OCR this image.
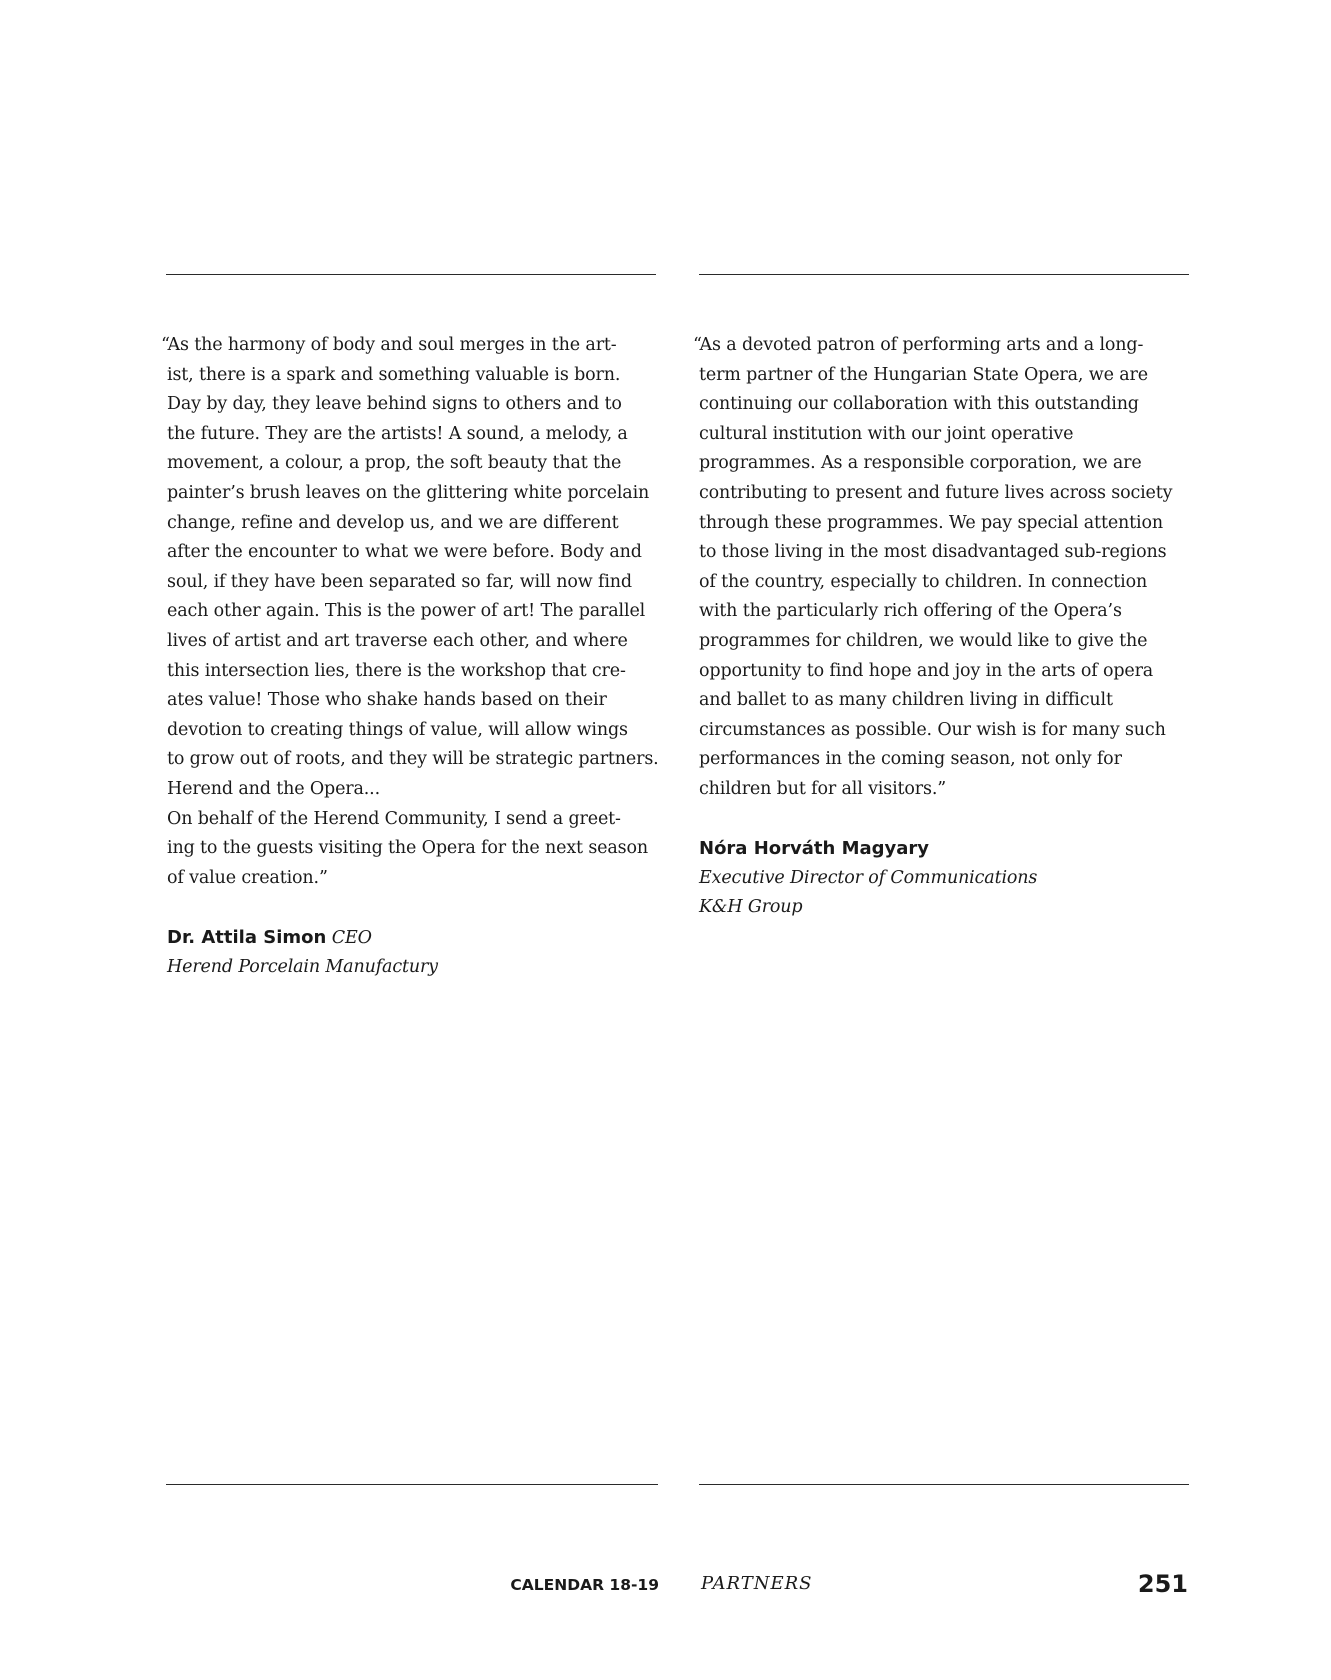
“As the harmony of body and soul merges in the art-

ist, there is a spark and something valuable is born.

Day by day, they leave behind signs to others and to

the future. They are the artists! A sound, a melody, a

movement, a colour, a prop, the soft beauty that the

painter’s brush leaves on the glittering white porcelain

change, refine and develop us, and we are different

after the encounter to what we were before. Body and

soul, if they have been separated so far, will now find

each other again. This is the power of art! The parallel

lives of artist and art traverse each other, and where

this intersection lies, there is the workshop that cre-

ates value! Those who shake hands based on their

devotion to creating things of value, will allow wings

to grow out of roots, and they will be strategic partners.

Herend and the Opera...

On behalf of the Herend Community, I send a greet-

ing to the guests visiting the Opera for the next season

of value creation.”

Dr. Attila Simon CEO
Herend Porcelain Manufactury

“As a devoted patron of performing arts and a long-

term partner of the Hungarian State Opera, we are

continuing our collaboration with this outstanding

cultural institution with our joint operative

programmes. As a responsible corporation, we are

contributing to present and future lives across society

through these programmes. We pay special attention

to those living in the most disadvantaged sub-regions

of the country, especially to children. In connection

with the particularly rich offering of the Opera’s

programmes for children, we would like to give the

opportunity to find hope and joy in the arts of opera

and ballet to as many children living in difficult

circumstances as possible. Our wish is for many such

performances in the coming season, not only for

children but for all visitors.”

Nóra Horváth Magyary
Executive Director of Communications
K&H Group
CALENDAR 18-19 PARTNERS	251
